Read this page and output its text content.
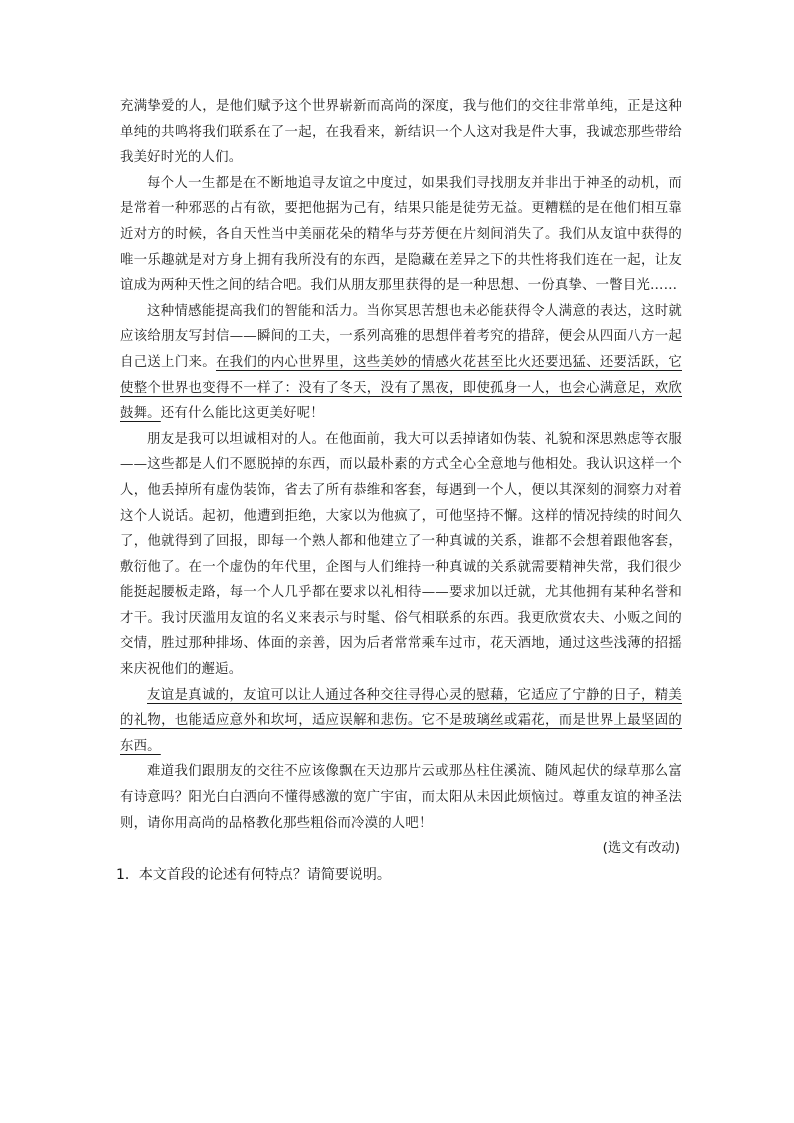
充满挚爱的人，是他们赋予这个世界崭新而高尚的深度，我与他们的交往非常单纯，正是这种单纯的共鸣将我们联系在了一起，在我看来，新结识一个人这对我是件大事，我诚恋那些带给我美好时光的人们。

每个人一生都是在不断地追寻友谊之中度过，如果我们寻找朋友并非出于神圣的动机，而是常着一种邪恶的占有欲，要把他据为己有，结果只能是徒劳无益。更糟糕的是在他们相互靠近对方的时候，各自天性当中美丽花朵的精华与芬芳便在片刻间消失了。我们从友谊中获得的唯一乐趣就是对方身上拥有我所没有的东西，是隐藏在差异之下的共性将我们连在一起，让友谊成为两种天性之间的结合吧。我们从朋友那里获得的是一种思想、一份真挚、一瞥目光……

这种情感能提高我们的智能和活力。当你冥思苦想也未必能获得令人满意的表达，这时就应该给朋友写封信——瞬间的工夫，一系列高雅的思想伴着考究的措辞，便会从四面八方一起自己送上门来。在我们的内心世界里，这些美妙的情感火花甚至比火还要迅猛、还要活跃，它使整个世界也变得不一样了：没有了冬天，没有了黑夜，即使孤身一人，也会心满意足，欢欣鼓舞。还有什么能比这更美好呢！

朋友是我可以坦诚相对的人。在他面前，我大可以丢掉诸如伪装、礼貌和深思熟虑等衣服——这些都是人们不愿脱掉的东西，而以最朴素的方式全心全意地与他相处。我认识这样一个人，他丢掉所有虚伪装饰，省去了所有恭维和客套，每遇到一个人，便以其深刻的洞察力对着这个人说话。起初，他遭到拒绝，大家以为他疯了，可他坚持不懈。这样的情况持续的时间久了，他就得到了回报，即每一个熟人都和他建立了一种真诚的关系，谁都不会想着跟他客套，敷衍他了。在一个虚伪的年代里，企图与人们维持一种真诚的关系就需要精神失常，我们很少能挺起腰板走路，每一个人几乎都在要求以礼相待——要求加以迁就，尤其他拥有某种名誉和才干。我讨厌滥用友谊的名义来表示与时髦、俗气相联系的东西。我更欣赏农夫、小贩之间的交情，胜过那种排场、体面的亲善，因为后者常常乘车过市，花天酒地，通过这些浅薄的招摇来庆祝他们的邂逅。

友谊是真诚的，友谊可以让人通过各种交往寻得心灵的慰藉，它适应了宁静的日子，精美的礼物，也能适应意外和坎坷，适应误解和悲伤。它不是玻璃丝或霜花，而是世界上最坚固的东西。

难道我们跟朋友的交往不应该像飘在天边那片云或那丛柱住溪流、随风起伏的绿草那么富有诗意吗？阳光白白洒向不懂得感激的宽广宇宙，而太阳从未因此烦恼过。尊重友谊的神圣法则，请你用高尚的品格教化那些粗俗而冷漠的人吧！

(选文有改动)

1．本文首段的论述有何特点？请简要说明。
